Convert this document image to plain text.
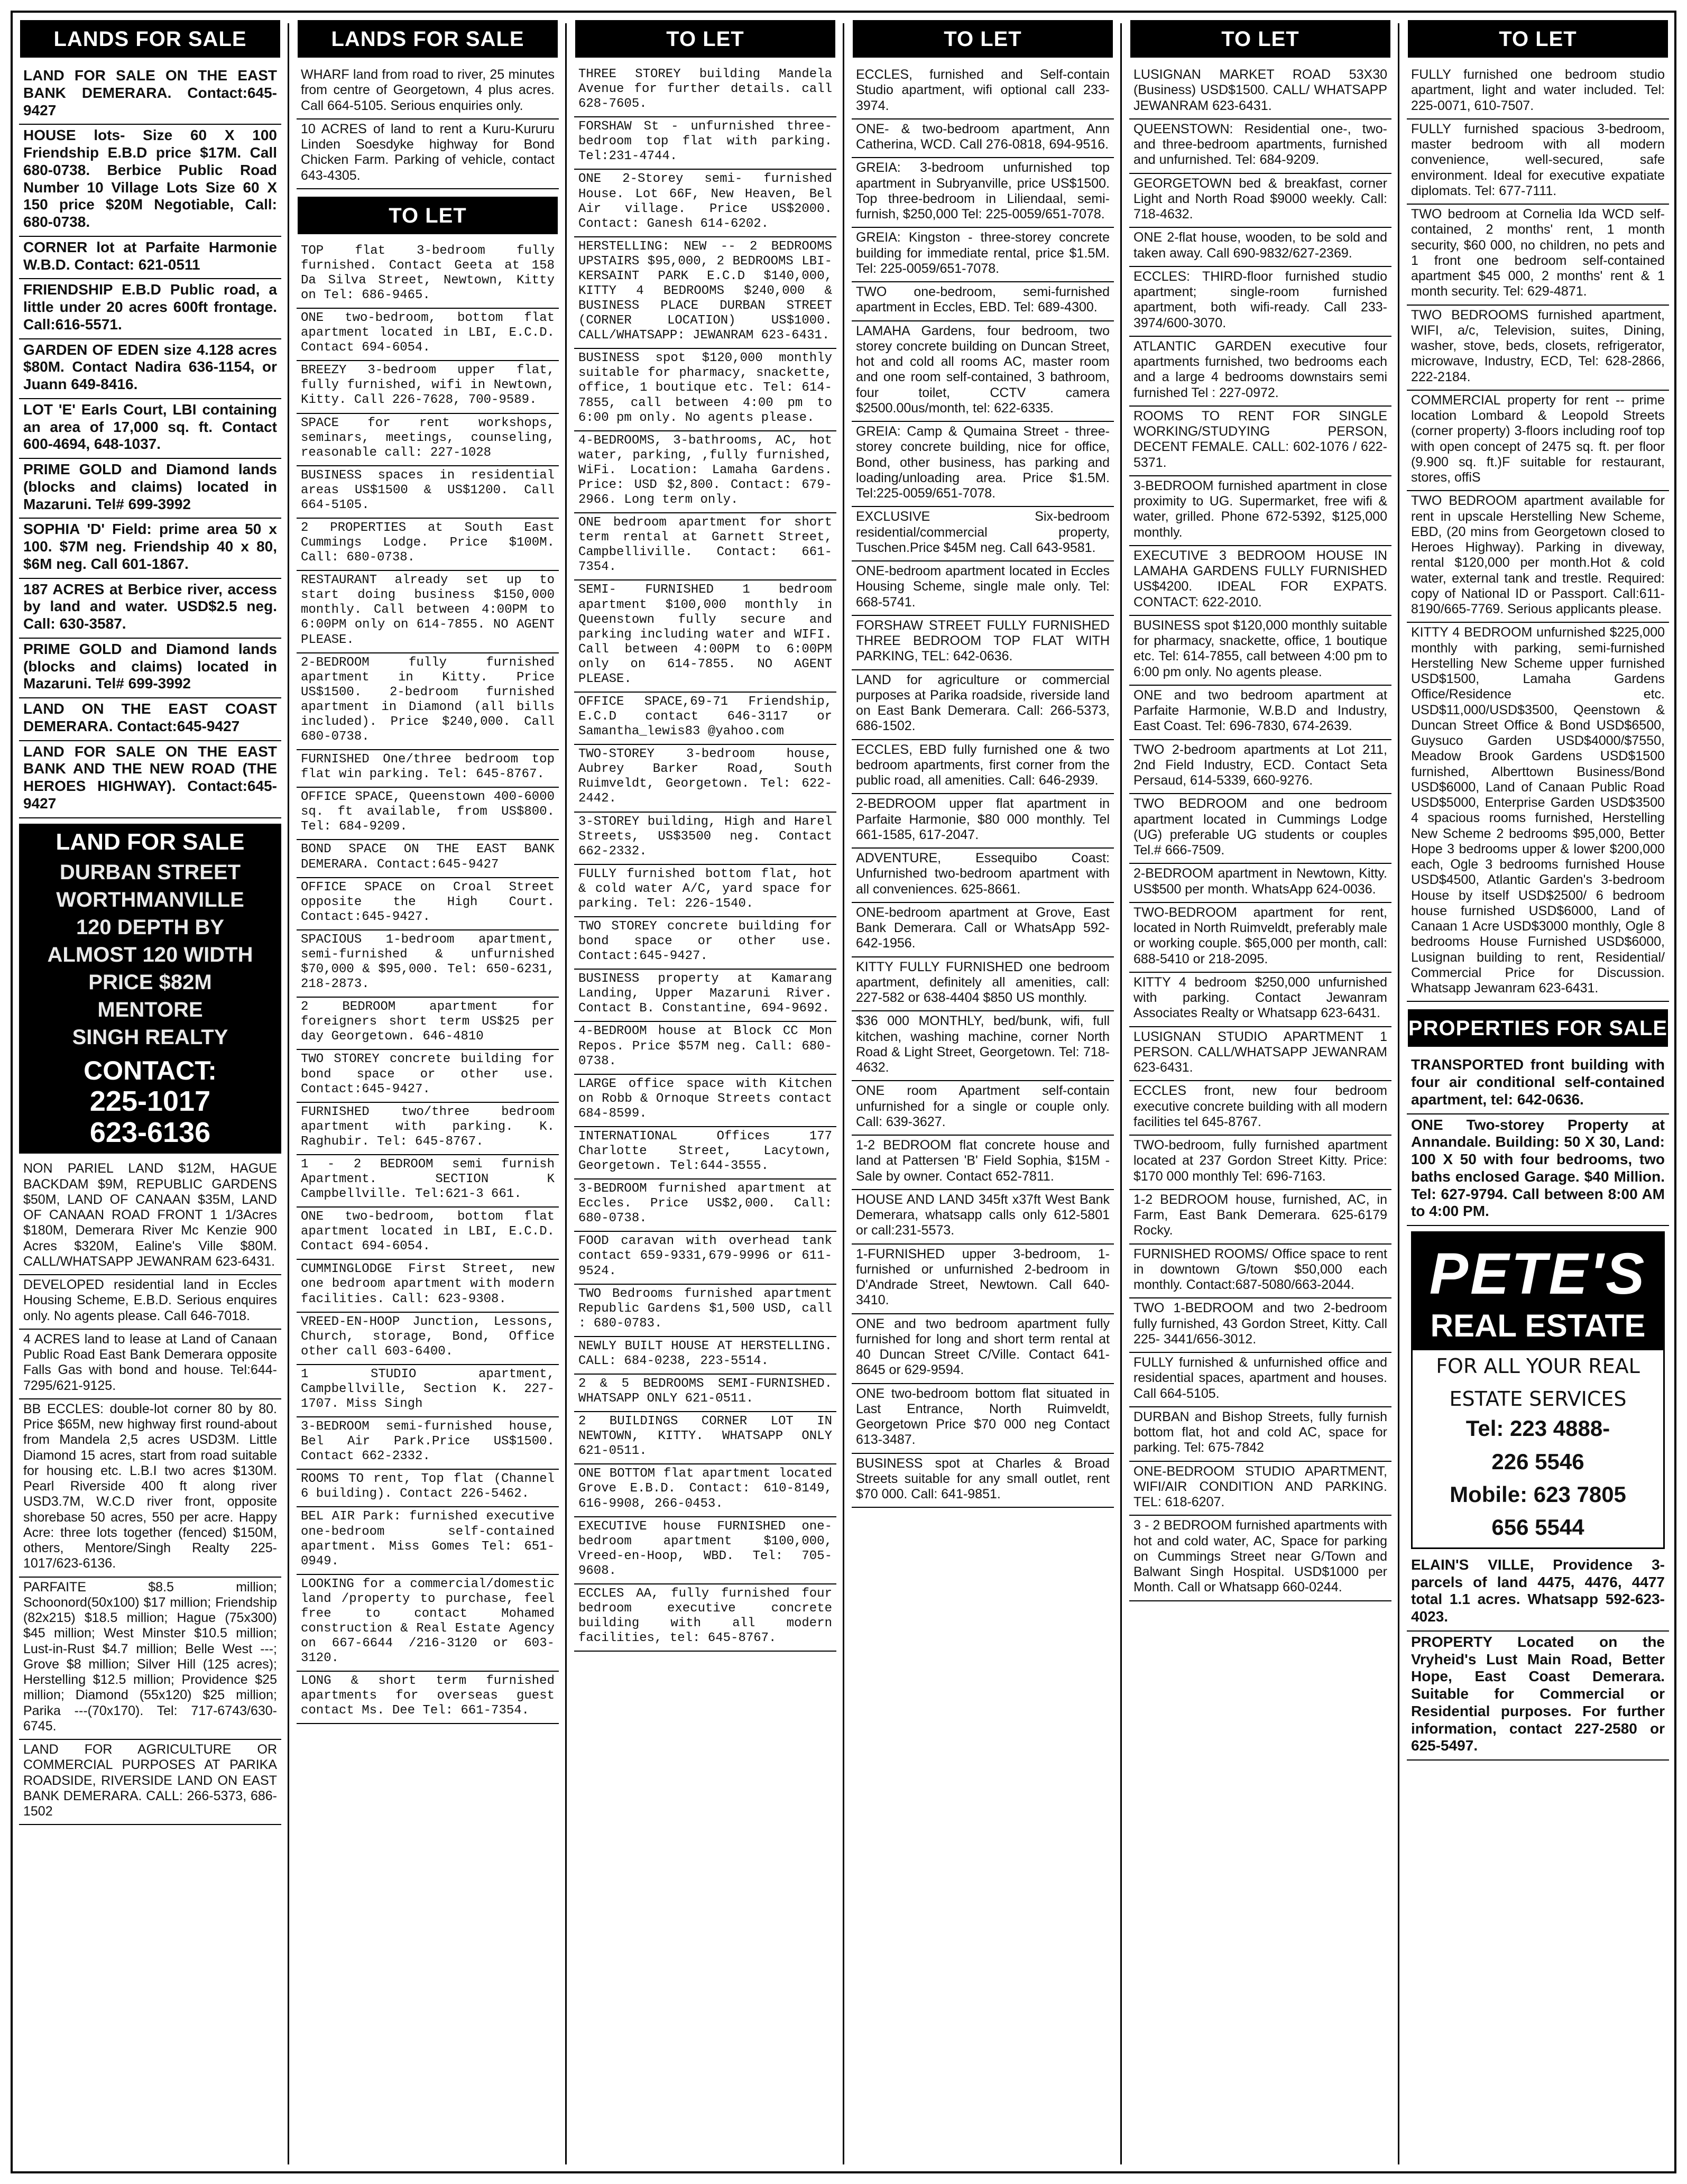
LANDS FOR SALE
LAND FOR SALE ON THE EAST BANK DEMERARA. Contact:645-9427
HOUSE lots- Size 60 X 100 Friendship E.B.D price $17M. Call 680-0738. Berbice Public Road Number 10 Village Lots Size 60 X 150 price $20M Negotiable, Call: 680-0738.
CORNER lot at Parfaite Harmonie W.B.D. Contact: 621-0511
FRIENDSHIP E.B.D Public road, a little under 20 acres 600ft frontage. Call:616-5571.
GARDEN OF EDEN size 4.128 acres $80M. Contact Nadira 636-1154, or Juann 649-8416.
LOT 'E' Earls Court, LBI containing an area of 17,000 sq. ft. Contact 600-4694, 648-1037.
PRIME GOLD and Diamond lands (blocks and claims) located in Mazaruni. Tel# 699-3992
SOPHIA 'D' Field: prime area 50 x 100. $7M neg. Friendship 40 x 80, $6M neg. Call 601-1867.
187 ACRES at Berbice river, access by land and water. USD$2.5 neg. Call: 630-3587.
PRIME GOLD and Diamond lands (blocks and claims) located in Mazaruni. Tel# 699-3992
LAND ON THE EAST COAST DEMERARA. Contact:645-9427
LAND FOR SALE ON THE EAST BANK AND THE NEW ROAD (THE HEROES HIGHWAY). Contact:645-9427
LAND FOR SALE
DURBAN STREET
WORTHMANVILLE
120 DEPTH BY
ALMOST 120 WIDTH
PRICE $82M
MENTORE
SINGH REALTY
CONTACT:
225-1017
623-6136
NON PARIEL LAND $12M, HAGUE BACKDAM $9M, REPUBLIC GARDENS $50M, LAND OF CANAAN $35M, LAND OF CANAAN ROAD FRONT 1 1/3Acres $180M, Demerara River Mc Kenzie 900 Acres $320M, Ealine's Ville $80M. CALL/WHATSAPP JEWANRAM 623-6431.
DEVELOPED residential land in Eccles Housing Scheme, E.B.D. Serious enquires only. No agents please. Call 646-7018.
4 ACRES land to lease at Land of Canaan Public Road East Bank Demerara opposite Falls Gas with bond and house. Tel:644-7295/621-9125.
BB ECCLES: double-lot corner 80 by 80. Price $65M, new highway first round-about from Mandela 2,5 acres USD3M. Little Diamond 15 acres, start from road suitable for housing etc. L.B.I two acres $130M. Pearl Riverside 400 ft along river USD3.7M, W.C.D river front, opposite shorebase 50 acres, 550 per acre. Happy Acre: three lots together (fenced) $150M, others, Mentore/Singh Realty 225-1017/623-6136.
PARFAITE $8.5 million; Schoonord(50x100) $17 million; Friendship (82x215) $18.5 million; Hague (75x300) $45 million; West Minster $10.5 million; Lust-in-Rust $4.7 million; Belle West ---; Grove $8 million; Silver Hill (125 acres); Herstelling $12.5 million; Providence $25 million; Diamond (55x120) $25 million; Parika ---(70x170). Tel: 717-6743/630-6745.
LAND FOR AGRICULTURE OR COMMERCIAL PURPOSES AT PARIKA ROADSIDE, RIVERSIDE LAND ON EAST BANK DEMERARA. CALL: 266-5373, 686-1502
LANDS FOR SALE
WHARF land from road to river, 25 minutes from centre of Georgetown, 4 plus acres. Call 664-5105. Serious enquiries only.
10 ACRES of land to rent a Kuru-Kururu Linden Soesdyke highway for Bond Chicken Farm. Parking of vehicle, contact 643-4305.
TO LET
TOP flat 3-bedroom fully furnished. Contact Geeta at 158 Da Silva Street, Newtown, Kitty on Tel: 686-9465.
ONE two-bedroom, bottom flat apartment located in LBI, E.C.D. Contact 694-6054.
BREEZY 3-bedroom upper flat, fully furnished, wifi in Newtown, Kitty. Call 226-7628, 700-9589.
SPACE for rent workshops, seminars, meetings, counseling, reasonable call: 227-1028
BUSINESS spaces in residential areas US$1500 & US$1200. Call 664-5105.
2 PROPERTIES at South East Cummings Lodge. Price $100M. Call: 680-0738.
RESTAURANT already set up to start doing business $150,000 monthly. Call between 4:00PM to 6:00PM only on 614-7855. NO AGENT PLEASE.
2-BEDROOM fully furnished apartment in Kitty. Price US$1500. 2-bedroom furnished apartment in Diamond (all bills included). Price $240,000. Call 680-0738.
FURNISHED One/three bedroom top flat win parking. Tel: 645-8767.
OFFICE SPACE, Queenstown 400-6000 sq. ft available, from US$800. Tel: 684-9209.
BOND SPACE ON THE EAST BANK DEMERARA. Contact:645-9427
OFFICE SPACE on Croal Street opposite the High Court. Contact:645-9427.
SPACIOUS 1-bedroom apartment, semi-furnished & unfurnished $70,000 & $95,000. Tel: 650-6231, 218-2873.
2 BEDROOM apartment for foreigners short term US$25 per day Georgetown. 646-4810
TWO STOREY concrete building for bond space or other use. Contact:645-9427.
FURNISHED two/three bedroom apartment with parking. K. Raghubir. Tel: 645-8767.
1 - 2 BEDROOM semi furnish Apartment. SECTION K Campbellville. Tel:621-3 661.
ONE two-bedroom, bottom flat apartment located in LBI, E.C.D. Contact 694-6054.
CUMMINGLODGE First Street, new one bedroom apartment with modern facilities. Call: 623-9308.
VREED-EN-HOOP Junction, Lessons, Church, storage, Bond, Office other call 603-6400.
1 STUDIO apartment, Campbellville, Section K. 227-1707. Miss Singh
3-BEDROOM semi-furnished house, Bel Air Park.Price US$1500. Contact 662-2332.
ROOMS TO rent, Top flat (Channel 6 building). Contact 226-5462.
BEL AIR Park: furnished executive one-bedroom self-contained apartment. Miss Gomes Tel: 651-0949.
LOOKING for a commercial/domestic land /property to purchase, feel free to contact Mohamed construction & Real Estate Agency on 667-6644 /216-3120 or 603-3120.
LONG & short term furnished apartments for overseas guest contact Ms. Dee Tel: 661-7354.
TO LET
THREE STOREY building Mandela Avenue for further details. call 628-7605.
FORSHAW St - unfurnished three-bedroom top flat with parking. Tel:231-4744.
ONE 2-Storey semi- furnished House. Lot 66F, New Heaven, Bel Air village. Price US$2000. Contact: Ganesh 614-6202.
HERSTELLING: NEW -- 2 BEDROOMS UPSTAIRS $95,000, 2 BEDROOMS LBI-KERSAINT PARK E.C.D $140,000, KITTY 4 BEDROOMS $240,000 & BUSINESS PLACE DURBAN STREET (CORNER LOCATION) US$1000. CALL/WHATSAPP: JEWANRAM 623-6431.
BUSINESS spot $120,000 monthly suitable for pharmacy, snackette, office, 1 boutique etc. Tel: 614-7855, call between 4:00 pm to 6:00 pm only. No agents please.
4-BEDROOMS, 3-bathrooms, AC, hot water, parking, ,fully furnished, WiFi. Location: Lamaha Gardens. Price: USD $2,800. Contact: 679-2966. Long term only.
ONE bedroom apartment for short term rental at Garnett Street, Campbelliville. Contact: 661-7354.
SEMI- FURNISHED 1 bedroom apartment $100,000 monthly in Queenstown fully secure and parking including water and WIFI. Call between 4:00PM to 6:00PM only on 614-7855. NO AGENT PLEASE.
OFFICE SPACE,69-71 Friendship, E.C.D contact 646-3117 or Samantha_lewis83 @yahoo.com
TWO-STOREY 3-bedroom house, Aubrey Barker Road, South Ruimveldt, Georgetown. Tel: 622-2442.
3-STOREY building, High and Harel Streets, US$3500 neg. Contact 662-2332.
FULLY furnished bottom flat, hot & cold water A/C, yard space for parking. Tel: 226-1540.
TWO STOREY concrete building for bond space or other use. Contact:645-9427.
BUSINESS property at Kamarang Landing, Upper Mazaruni River. Contact B. Constantine, 694-9692.
4-BEDROOM house at Block CC Mon Repos. Price $57M neg. Call: 680-0738.
LARGE office space with Kitchen on Robb & Ornoque Streets contact 684-8599.
INTERNATIONAL Offices 177 Charlotte Street, Lacytown, Georgetown. Tel:644-3555.
3-BEDROOM furnished apartment at Eccles. Price US$2,000. Call: 680-0738.
FOOD caravan with overhead tank contact 659-9331,679-9996 or 611-9524.
TWO Bedrooms furnished apartment Republic Gardens $1,500 USD, call : 680-0783.
NEWLY BUILT HOUSE AT HERSTELLING. CALL: 684-0238, 223-5514.
2 & 5 BEDROOMS SEMI-FURNISHED. WHATSAPP ONLY 621-0511.
2 BUILDINGS CORNER LOT IN NEWTOWN, KITTY. WHATSAPP ONLY 621-0511.
ONE BOTTOM flat apartment located Grove E.B.D. Contact: 610-8149, 616-9908, 266-0453.
EXECUTIVE house FURNISHED one-bedroom apartment $100,000, Vreed-en-Hoop, WBD. Tel: 705-9608.
ECCLES AA, fully furnished four bedroom executive concrete building with all modern facilities, tel: 645-8767.
TO LET
ECCLES, furnished and Self-contain Studio apartment, wifi optional call 233-3974.
ONE- & two-bedroom apartment, Ann Catherina, WCD. Call 276-0818, 694-9516.
GREIA: 3-bedroom unfurnished top apartment in Subryanville, price US$1500. Top three-bedroom in Liliendaal, semi-furnish, $250,000 Tel: 225-0059/651-7078.
GREIA: Kingston - three-storey concrete building for immediate rental, price $1.5M. Tel: 225-0059/651-7078.
TWO one-bedroom, semi-furnished apartment in Eccles, EBD. Tel: 689-4300.
LAMAHA Gardens, four bedroom, two storey concrete building on Duncan Street, hot and cold all rooms AC, master room and one room self-contained, 3 bathroom, four toilet, CCTV camera $2500.00us/month, tel: 622-6335.
GREIA: Camp & Qumaina Street - three-storey concrete building, nice for office, Bond, other business, has parking and loading/unloading area. Price $1.5M. Tel:225-0059/651-7078.
EXCLUSIVE Six-bedroom residential/commercial property, Tuschen.Price $45M neg. Call 643-9581.
ONE-bedroom apartment located in Eccles Housing Scheme, single male only. Tel: 668-5741.
FORSHAW STREET FULLY FURNISHED THREE BEDROOM TOP FLAT WITH PARKING, TEL: 642-0636.
LAND for agriculture or commercial purposes at Parika roadside, riverside land on East Bank Demerara. Call: 266-5373, 686-1502.
ECCLES, EBD fully furnished one & two bedroom apartments, first corner from the public road, all amenities. Call: 646-2939.
2-BEDROOM upper flat apartment in Parfaite Harmonie, $80 000 monthly. Tel 661-1585, 617-2047.
ADVENTURE, Essequibo Coast: Unfurnished two-bedroom apartment with all conveniences. 625-8661.
ONE-bedroom apartment at Grove, East Bank Demerara. Call or WhatsApp 592-642-1956.
KITTY FULLY FURNISHED one bedroom apartment, definitely all amenities, call: 227-582 or 638-4404 $850 US monthly.
$36 000 MONTHLY, bed/bunk, wifi, full kitchen, washing machine, corner North Road & Light Street, Georgetown. Tel: 718-4632.
ONE room Apartment self-contain unfurnished for a single or couple only. Call: 639-3627.
1-2 BEDROOM flat concrete house and land at Pattersen 'B' Field Sophia, $15M - Sale by owner. Contact 652-7811.
HOUSE AND LAND 345ft x37ft West Bank Demerara, whatsapp calls only 612-5801 or call:231-5573.
1-FURNISHED upper 3-bedroom, 1-furnished or unfurnished 2-bedroom in D'Andrade Street, Newtown. Call 640-3410.
ONE and two bedroom apartment fully furnished for long and short term rental at 40 Duncan Street C/Ville. Contact 641-8645 or 629-9594.
ONE two-bedroom bottom flat situated in Last Entrance, North Ruimveldt, Georgetown Price $70 000 neg Contact 613-3487.
BUSINESS spot at Charles & Broad Streets suitable for any small outlet, rent $70 000. Call: 641-9851.
TO LET
LUSIGNAN MARKET ROAD 53X30 (Business) USD$1500. CALL/ WHATSAPP JEWANRAM 623-6431.
QUEENSTOWN: Residential one-, two- and three-bedroom apartments, furnished and unfurnished. Tel: 684-9209.
GEORGETOWN bed & breakfast, corner Light and North Road $9000 weekly. Call: 718-4632.
ONE 2-flat house, wooden, to be sold and taken away. Call 690-9832/627-2369.
ECCLES: THIRD-floor furnished studio apartment; single-room furnished apartment, both wifi-ready. Call 233-3974/600-3070.
ATLANTIC GARDEN executive four apartments furnished, two bedrooms each and a large 4 bedrooms downstairs semi furnished Tel : 227-0972.
ROOMS TO RENT FOR SINGLE WORKING/STUDYING PERSON, DECENT FEMALE. CALL: 602-1076 / 622-5371.
3-BEDROOM furnished apartment in close proximity to UG. Supermarket, free wifi & water, grilled. Phone 672-5392, $125,000 monthly.
EXECUTIVE 3 BEDROOM HOUSE IN LAMAHA GARDENS FULLY FURNISHED US$4200. IDEAL FOR EXPATS. CONTACT: 622-2010.
BUSINESS spot $120,000 monthly suitable for pharmacy, snackette, office, 1 boutique etc. Tel: 614-7855, call between 4:00 pm to 6:00 pm only. No agents please.
ONE and two bedroom apartment at Parfaite Harmonie, W.B.D and Industry, East Coast. Tel: 696-7830, 674-2639.
TWO 2-bedroom apartments at Lot 211, 2nd Field Industry, ECD. Contact Seta Persaud, 614-5339, 660-9276.
TWO BEDROOM and one bedroom apartment located in Cummings Lodge (UG) preferable UG students or couples Tel.# 666-7509.
2-BEDROOM apartment in Newtown, Kitty. US$500 per month. WhatsApp 624-0036.
TWO-BEDROOM apartment for rent, located in North Ruimveldt, preferably male or working couple. $65,000 per month, call: 688-5410 or 218-2095.
KITTY 4 bedroom $250,000 unfurnished with parking. Contact Jewanram Associates Realty or Whatsapp 623-6431.
LUSIGNAN STUDIO APARTMENT 1 PERSON. CALL/WHATSAPP JEWANRAM 623-6431.
ECCLES front, new four bedroom executive concrete building with all modern facilities tel 645-8767.
TWO-bedroom, fully furnished apartment located at 237 Gordon Street Kitty. Price: $170 000 monthly Tel: 696-7163.
1-2 BEDROOM house, furnished, AC, in Farm, East Bank Demerara. 625-6179 Rocky.
FURNISHED ROOMS/ Office space to rent in downtown G/town $50,000 each monthly. Contact:687-5080/663-2044.
TWO 1-BEDROOM and two 2-bedroom fully furnished, 43 Gordon Street, Kitty. Call 225- 3441/656-3012.
FULLY furnished & unfurnished office and residential spaces, apartment and houses. Call 664-5105.
DURBAN and Bishop Streets, fully furnish bottom flat, hot and cold AC, space for parking. Tel: 675-7842
ONE-BEDROOM STUDIO APARTMENT, WIFI/AIR CONDITION AND PARKING. TEL: 618-6207.
3 - 2 BEDROOM furnished apartments with hot and cold water, AC, Space for parking on Cummings Street near G/Town and Balwant Singh Hospital. USD$1000 per Month. Call or Whatsapp 660-0244.
TO LET
FULLY furnished one bedroom studio apartment, light and water included. Tel: 225-0071, 610-7507.
FULLY furnished spacious 3-bedroom, master bedroom with all modern convenience, well-secured, safe environment. Ideal for executive expatiate diplomats. Tel: 677-7111.
TWO bedroom at Cornelia Ida WCD self-contained, 2 months' rent, 1 month security, $60 000, no children, no pets and 1 front one bedroom self-contained apartment $45 000, 2 months' rent & 1 month security. Tel: 629-4871.
TWO BEDROOMS furnished apartment, WIFI, a/c, Television, suites, Dining, washer, stove, beds, closets, refrigerator, microwave, Industry, ECD, Tel: 628-2866, 222-2184.
COMMERCIAL property for rent -- prime location Lombard & Leopold Streets (corner property) 3-floors including roof top with open concept of 2475 sq. ft. per floor (9.900 sq. ft.)F suitable for restaurant, stores, offiS
TWO BEDROOM apartment available for rent in upscale Herstelling New Scheme, EBD, (20 mins from Georgetown closed to Heroes Highway). Parking in diveway, rental $120,000 per month.Hot & cold water, external tank and trestle. Required: copy of National ID or Passport. Call:611-8190/665-7769. Serious applicants please.
KITTY 4 BEDROOM unfurnished $225,000 monthly with parking, semi-furnished Herstelling New Scheme upper furnished USD$1500, Lamaha Gardens Office/Residence etc. USD$11,000/USD$3500, Qeenstown & Duncan Street Office & Bond USD$6500, Guysuco Garden USD$4000/$7550, Meadow Brook Gardens USD$1500 furnished, Alberttown Business/Bond USD$6000, Land of Canaan Public Road USD$5000, Enterprise Garden USD$3500 4 spacious rooms furnished, Herstelling New Scheme 2 bedrooms $95,000, Better Hope 3 bedrooms upper & lower $200,000 each, Ogle 3 bedrooms furnished House USD$4500, Atlantic Garden's 3-bedroom House by itself USD$2500/ 6 bedroom house furnished USD$6000, Land of Canaan 1 Acre USD$3000 monthly, Ogle 8 bedrooms House Furnished USD$6000, Lusignan building to rent, Residential/ Commercial Price for Discussion. Whatsapp Jewanram 623-6431.
PROPERTIES FOR SALE
TRANSPORTED front building with four air conditional self-contained apartment, tel: 642-0636.
ONE Two-storey Property at Annandale. Building: 50 X 30, Land: 100 X 50 with four bedrooms, two baths enclosed Garage. $40 Million. Tel: 627-9794. Call between 8:00 AM to 4:00 PM.
PETE'S
REAL ESTATE
FOR ALL YOUR REAL
ESTATE SERVICES
Tel: 223 4888-
226 5546
Mobile: 623 7805
656 5544
ELAIN'S VILLE, Providence 3-parcels of land 4475, 4476, 4477 total 1.1 acres. Whatsapp 592-623-4023.
PROPERTY Located on the Vryheid's Lust Main Road, Better Hope, East Coast Demerara. Suitable for Commercial or Residential purposes. For further information, contact 227-2580 or 625-5497.
